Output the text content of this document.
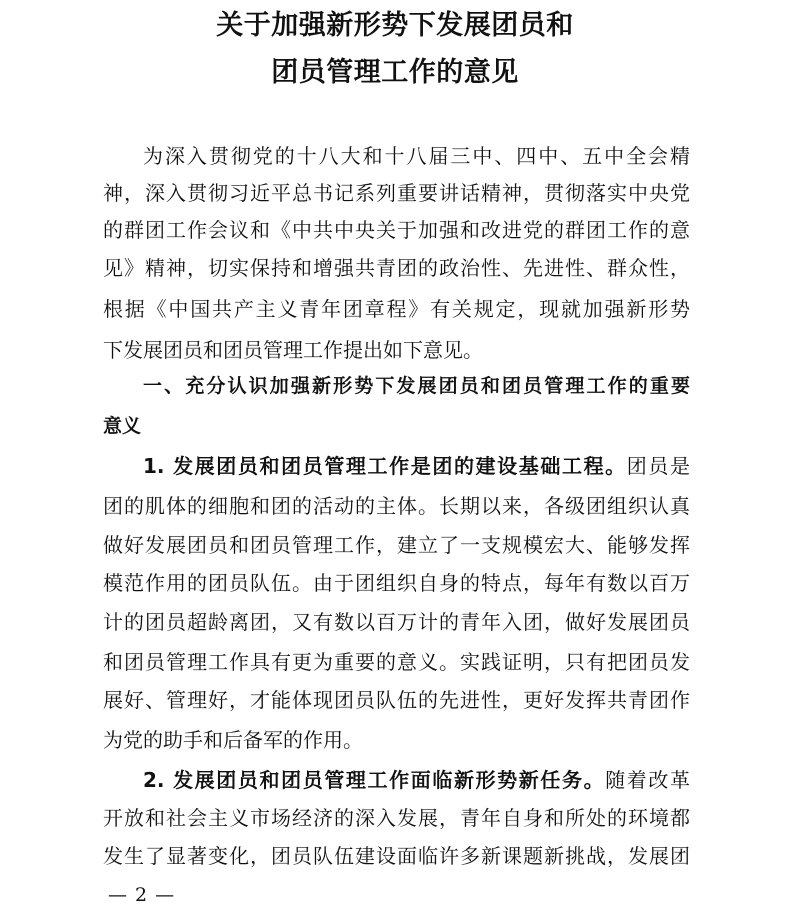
关于加强新形势下发展团员和
团员管理工作的意见
为深入贯彻党的十八大和十八届三中、四中、五中全会精
神，深入贯彻习近平总书记系列重要讲话精神，贯彻落实中央党
的群团工作会议和《中共中央关于加强和改进党的群团工作的意
见》精神，切实保持和增强共青团的政治性、先进性、群众性，
根据《中国共产主义青年团章程》有关规定，现就加强新形势
下发展团员和团员管理工作提出如下意见。
一、充分认识加强新形势下发展团员和团员管理工作的重要
意义
1. 发展团员和团员管理工作是团的建设基础工程。团员是
团的肌体的细胞和团的活动的主体。长期以来，各级团组织认真
做好发展团员和团员管理工作，建立了一支规模宏大、能够发挥
模范作用的团员队伍。由于团组织自身的特点，每年有数以百万
计的团员超龄离团，又有数以百万计的青年入团，做好发展团员
和团员管理工作具有更为重要的意义。实践证明，只有把团员发
展好、管理好，才能体现团员队伍的先进性，更好发挥共青团作
为党的助手和后备军的作用。
2. 发展团员和团员管理工作面临新形势新任务。随着改革
开放和社会主义市场经济的深入发展，青年自身和所处的环境都
发生了显著变化，团员队伍建设面临许多新课题新挑战，发展团
— 2 —
